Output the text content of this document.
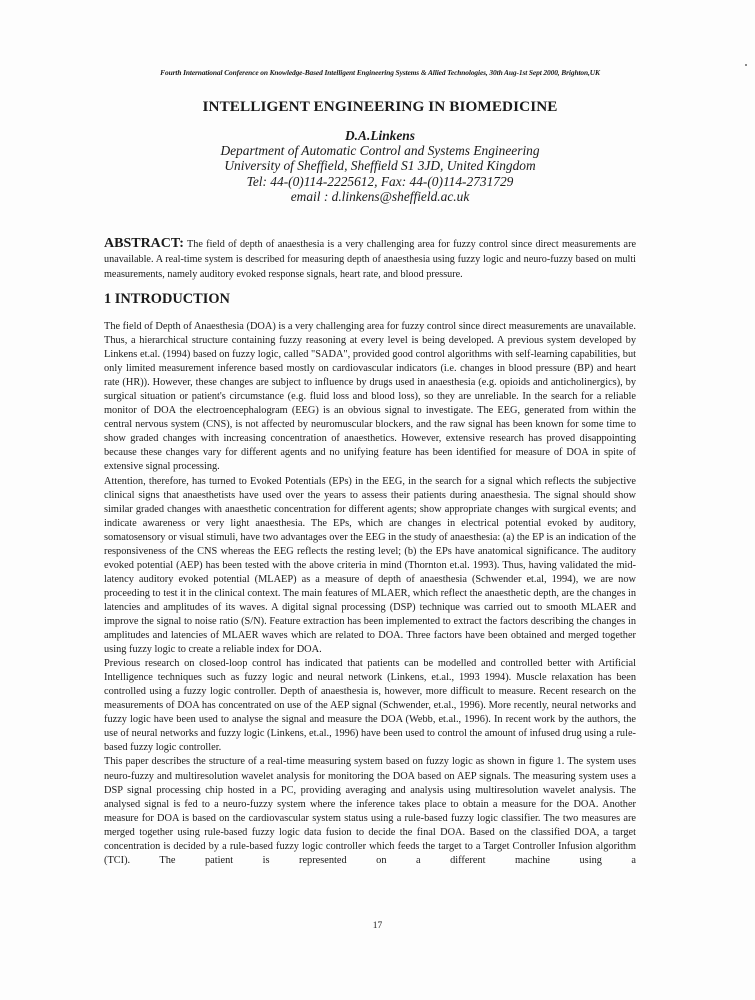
Fourth International Conference on Knowledge-Based Intelligent Engineering Systems & Allied Technologies, 30th Aug-1st Sept 2000, Brighton,UK
INTELLIGENT ENGINEERING IN BIOMEDICINE
D.A.Linkens
Department of Automatic Control and Systems Engineering
University of Sheffield, Sheffield S1 3JD, United Kingdom
Tel: 44-(0)114-2225612, Fax: 44-(0)114-2731729
email : d.linkens@sheffield.ac.uk
ABSTRACT: The field of depth of anaesthesia is a very challenging area for fuzzy control since direct measurements are unavailable. A real-time system is described for measuring depth of anaesthesia using fuzzy logic and neuro-fuzzy based on multi measurements, namely auditory evoked response signals, heart rate, and blood pressure.
1 INTRODUCTION

The field of Depth of Anaesthesia (DOA) is a very challenging area for fuzzy control since direct measurements are unavailable. Thus, a hierarchical structure containing fuzzy reasoning at every level is being developed. A previous system developed by Linkens et.al. (1994) based on fuzzy logic, called "SADA", provided good control algorithms with self-learning capabilities, but only limited measurement inference based mostly on cardiovascular indicators (i.e. changes in blood pressure (BP) and heart rate (HR)). However, these changes are subject to influence by drugs used in anaesthesia (e.g. opioids and anticholinergics), by surgical situation or patient's circumstance (e.g. fluid loss and blood loss), so they are unreliable. In the search for a reliable monitor of DOA the electroencephalogram (EEG) is an obvious signal to investigate. The EEG, generated from within the central nervous system (CNS), is not affected by neuromuscular blockers, and the raw signal has been known for some time to show graded changes with increasing concentration of anaesthetics. However, extensive research has proved disappointing because these changes vary for different agents and no unifying feature has been identified for measure of DOA in spite of extensive signal processing.

Attention, therefore, has turned to Evoked Potentials (EPs) in the EEG, in the search for a signal which reflects the subjective clinical signs that anaesthetists have used over the years to assess their patients during anaesthesia. The signal should show similar graded changes with anaesthetic concentration for different agents; show appropriate changes with surgical events; and indicate awareness or very light anaesthesia. The EPs, which are changes in electrical potential evoked by auditory, somatosensory or visual stimuli, have two advantages over the EEG in the study of anaesthesia: (a) the EP is an indication of the responsiveness of the CNS whereas the EEG reflects the resting level; (b) the EPs have anatomical significance. The auditory evoked potential (AEP) has been tested with the above criteria in mind (Thornton et.al. 1993). Thus, having validated the mid-latency auditory evoked potential (MLAEP) as a measure of depth of anaesthesia (Schwender et.al, 1994), we are now proceeding to test it in the clinical context. The main features of MLAER, which reflect the anaesthetic depth, are the changes in latencies and amplitudes of its waves. A digital signal processing (DSP) technique was carried out to smooth MLAER and improve the signal to noise ratio (S/N). Feature extraction has been implemented to extract the factors describing the changes in amplitudes and latencies of MLAER waves which are related to DOA. Three factors have been obtained and merged together using fuzzy logic to create a reliable index for DOA.

Previous research on closed-loop control has indicated that patients can be modelled and controlled better with Artificial Intelligence techniques such as fuzzy logic and neural network (Linkens, et.al., 1993 1994). Muscle relaxation has been controlled using a fuzzy logic controller. Depth of anaesthesia is, however, more difficult to measure. Recent research on the measurements of DOA has concentrated on use of the AEP signal (Schwender, et.al., 1996). More recently, neural networks and fuzzy logic have been used to analyse the signal and measure the DOA (Webb, et.al., 1996). In recent work by the authors, the use of neural networks and fuzzy logic (Linkens, et.al., 1996) have been used to control the amount of infused drug using a rule-based fuzzy logic controller.

This paper describes the structure of a real-time measuring system based on fuzzy logic as shown in figure 1. The system uses neuro-fuzzy and multiresolution wavelet analysis for monitoring the DOA based on AEP signals. The measuring system uses a DSP signal processing chip hosted in a PC, providing averaging and analysis using multiresolution wavelet analysis. The analysed signal is fed to a neuro-fuzzy system where the inference takes place to obtain a measure for the DOA. Another measure for DOA is based on the cardiovascular system status using a rule-based fuzzy logic classifier. The two measures are merged together using rule-based fuzzy logic data fusion to decide the final DOA. Based on the classified DOA, a target concentration is decided by a rule-based fuzzy logic controller which feeds the target to a Target Controller Infusion algorithm (TCI). The patient is represented on a different machine using a

17
